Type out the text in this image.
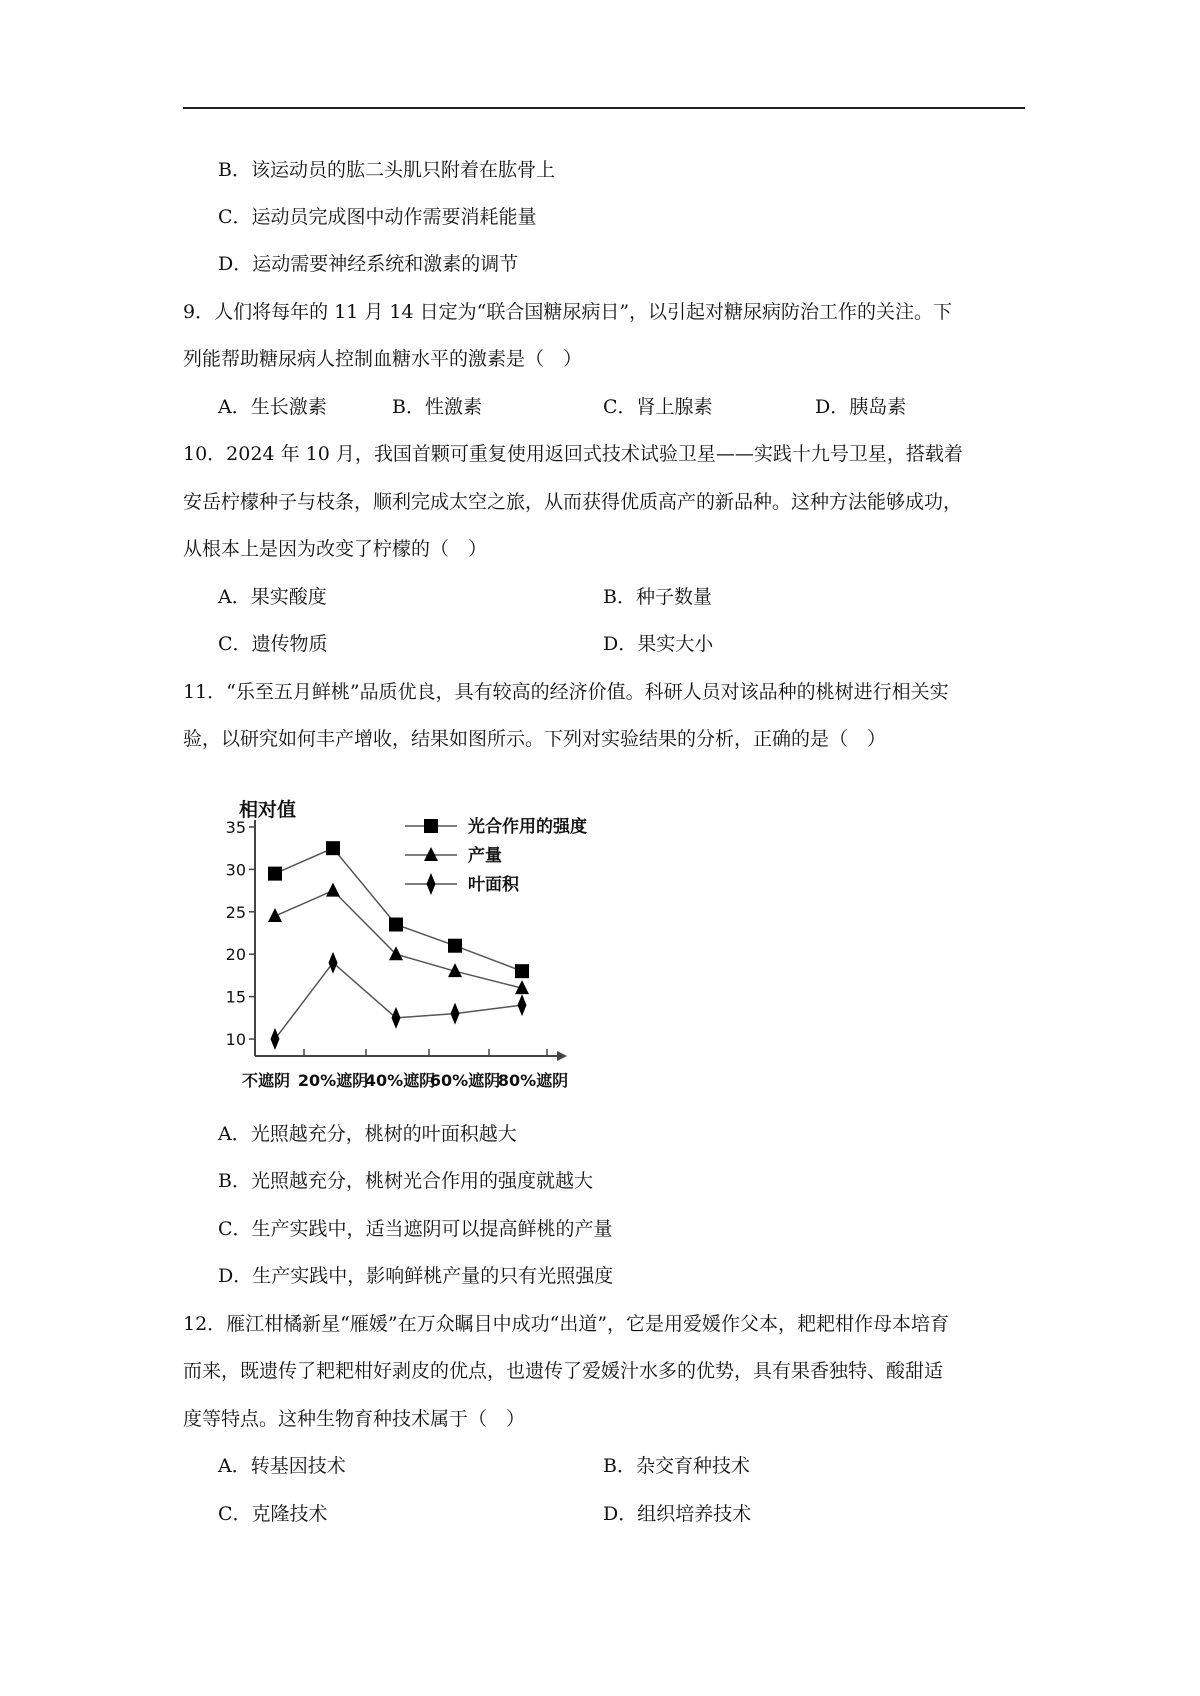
B．该运动员的肱二头肌只附着在肱骨上
C．运动员完成图中动作需要消耗能量
D．运动需要神经系统和激素的调节
9．人们将每年的 11 月 14 日定为“联合国糖尿病日”，以引起对糖尿病防治工作的关注。下
列能帮助糖尿病人控制血糖水平的激素是（　）
A．生长激素	B．性激素	C．肾上腺素	D．胰岛素
10．2024 年 10 月，我国首颗可重复使用返回式技术试验卫星——实践十九号卫星，搭载着
安岳柠檬种子与枝条，顺利完成太空之旅，从而获得优质高产的新品种。这种方法能够成功，
从根本上是因为改变了柠檬的（　）
A．果实酸度	B．种子数量
C．遗传物质	D．果实大小
11．“乐至五月鲜桃”品质优良，具有较高的经济价值。科研人员对该品种的桃树进行相关实
验，以研究如何丰产增收，结果如图所示。下列对实验结果的分析，正确的是（　）
相对值
10
15
20
25
30
35
不遮阴 20%遮阴
40%遮阴
60%遮阴
80%遮阴
光合作用的强度
产量
叶面积
A．光照越充分，桃树的叶面积越大
B．光照越充分，桃树光合作用的强度就越大
C．生产实践中，适当遮阴可以提高鲜桃的产量
D．生产实践中，影响鲜桃产量的只有光照强度
12．雁江柑橘新星“雁媛”在万众瞩目中成功“出道”，它是用爱媛作父本，耙耙柑作母本培育
而来，既遗传了耙耙柑好剥皮的优点，也遗传了爱媛汁水多的优势，具有果香独特、酸甜适
度等特点。这种生物育种技术属于（　）
A．转基因技术	B．杂交育种技术
C．克隆技术	D．组织培养技术
